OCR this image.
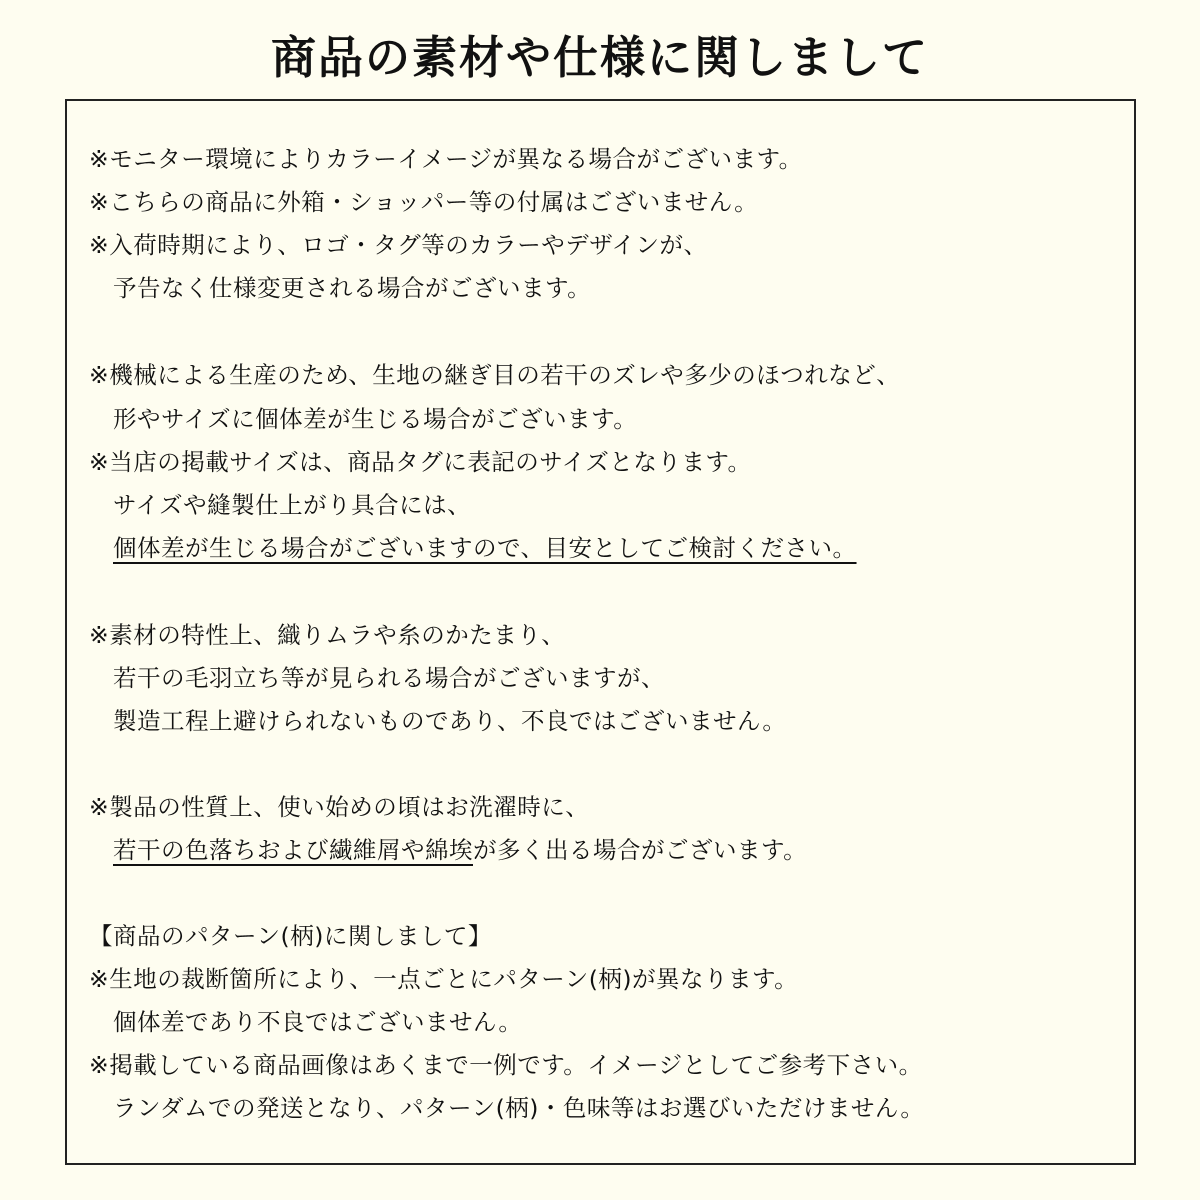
商品の素材や仕様に関しまして
※モニター環境によりカラーイメージが異なる場合がございます。
※こちらの商品に外箱・ショッパー等の付属はございません。
※入荷時期により、ロゴ・タグ等のカラーやデザインが、
予告なく仕様変更される場合がございます。
※機械による生産のため、生地の継ぎ目の若干のズレや多少のほつれなど、
形やサイズに個体差が生じる場合がございます。
※当店の掲載サイズは、商品タグに表記のサイズとなります。
サイズや縫製仕上がり具合には、
個体差が生じる場合がございますので、目安としてご検討ください。
※素材の特性上、織りムラや糸のかたまり、
若干の毛羽立ち等が見られる場合がございますが、
製造工程上避けられないものであり、不良ではございません。
※製品の性質上、使い始めの頃はお洗濯時に、
若干の色落ちおよび繊維屑や綿埃が多く出る場合がございます。
【商品のパターン(柄)に関しまして】
※生地の裁断箇所により、一点ごとにパターン(柄)が異なります。
個体差であり不良ではございません。
※掲載している商品画像はあくまで一例です。イメージとしてご参考下さい。
ランダムでの発送となり、パターン(柄)・色味等はお選びいただけません。
